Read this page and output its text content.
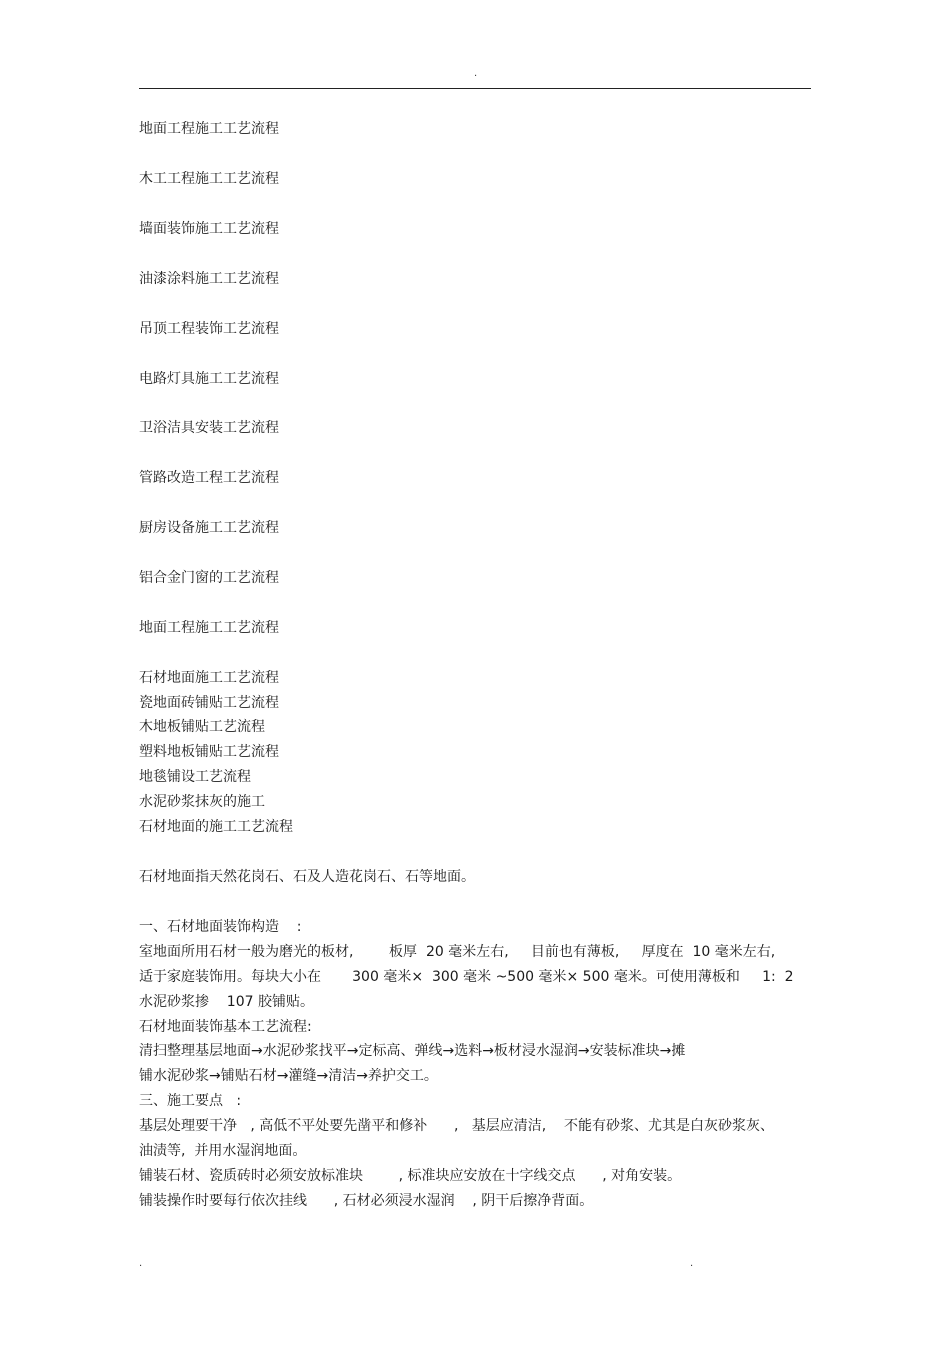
.
地面工程施工工艺流程
木工工程施工工艺流程
墙面装饰施工工艺流程
油漆涂料施工工艺流程
吊顶工程装饰工艺流程
电路灯具施工工艺流程
卫浴洁具安装工艺流程
管路改造工程工艺流程
厨房设备施工工艺流程
铝合金门窗的工艺流程
地面工程施工工艺流程
石材地面施工工艺流程
瓷地面砖铺贴工艺流程
木地板铺贴工艺流程
塑料地板铺贴工艺流程
地毯铺设工艺流程
水泥砂浆抹灰的施工
石材地面的施工工艺流程
石材地面指天然花岗石、石及人造花岗石、石等地面。
一、石材地面装饰构造    :
室地面所用石材一般为磨光的板材,        板厚  20 毫米左右,     目前也有薄板,     厚度在  10 毫米左右,
适于家庭装饰用。每块大小在       300 毫米×  300 毫米 ~500 毫米× 500 毫米。可使用薄板和     1:  2
水泥砂浆掺    107 胶铺贴。
石材地面装饰基本工艺流程:
清扫整理基层地面→水泥砂浆找平→定标高、弹线→选料→板材浸水湿润→安装标准块→摊
铺水泥砂浆→铺贴石材→灌缝→清洁→养护交工。
三、施工要点   :
基层处理要干净   , 高低不平处要先凿平和修补      ,   基层应清洁,    不能有砂浆、尤其是白灰砂浆灰、
油渍等,  并用水湿润地面。
铺装石材、瓷质砖时必须安放标准块        , 标准块应安放在十字线交点      , 对角安装。
铺装操作时要每行依次挂线      , 石材必须浸水湿润    , 阴干后擦净背面。
.	.
